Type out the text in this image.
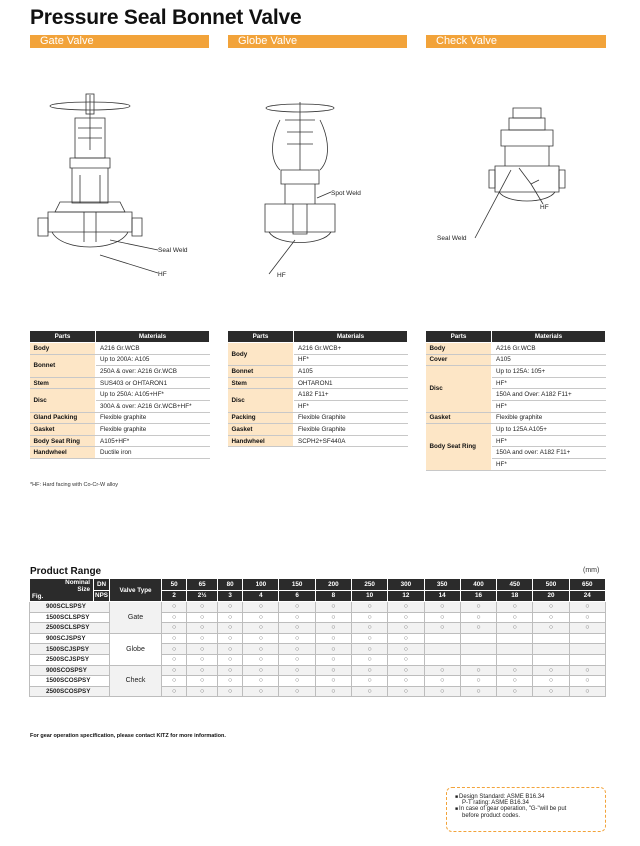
Pressure Seal Bonnet Valve
Gate Valve	Globe Valve	Check Valve
Seal Weld
HF
Spot Weld
HF
HF
Seal Weld
Parts	Materials
Body	A216 Gr.WCB
Bonnet	Up to 200A: A105
	250A & over: A216 Gr.WCB
Stem	SUS403 or OHTARON1
Disc	Up to 250A: A105+HF*
	300A & over: A216 Gr.WCB+HF*
Gland Packing	Flexible graphite
Gasket	Flexible graphite
Body Seat Ring	A105+HF*
Handwheel	Ductile iron
*HF: Hard facing with Co-Cr-W alloy
Parts	Materials
Body	A216 Gr.WCB+
	HF*
Bonnet	A105
Stem	OHTARON1
Disc	A182 F11+
	HF*
Packing	Flexible Graphite
Gasket	Flexible Graphite
Handwheel	SCPH2+SF440A
Parts	Materials
Body	A216 Gr.WCB
Cover	A105
Disc	Up to 125A: 105+
	HF*
	150A and Over: A182 F11+
	HF*
Gasket	Flexible graphite
Body Seat Ring	Up to 125A A105+
	HF*
	150A and over: A182 F11+
	HF*
Product Range	(mm)
Nominal
Size
Fig.	DN	Valve Type	50	65	80	100	150	200	250	300	350	400	450	500	650
	NPS		2	2½	3	4	6	8	10	12	14	16	18	20	24
900SCLSPSY		Gate	○	○	○	○	○	○	○	○	○	○	○	○	○
1500SCLSPSY	○	○	○	○	○	○	○	○	○	○	○	○	○
2500SCLSPSY	○	○	○	○	○	○	○	○	○	○	○	○	○
900SCJSPSY		Globe	○	○	○	○	○	○	○	○					
1500SCJSPSY	○	○	○	○	○	○	○	○					
2500SCJSPSY	○	○	○	○	○	○	○	○					
900SCOSPSY		Check	○	○	○	○	○	○	○	○	○	○	○	○	○
1500SCOSPSY	○	○	○	○	○	○	○	○	○	○	○	○	○
2500SCOSPSY	○	○	○	○	○	○	○	○	○	○	○	○	○
For gear operation specification, please contact KITZ for more information.
■ Design Standard: ASME B16.34
P-T rating: ASME B16.34
■ In case of gear operation, "G-"will be put
before product codes.
